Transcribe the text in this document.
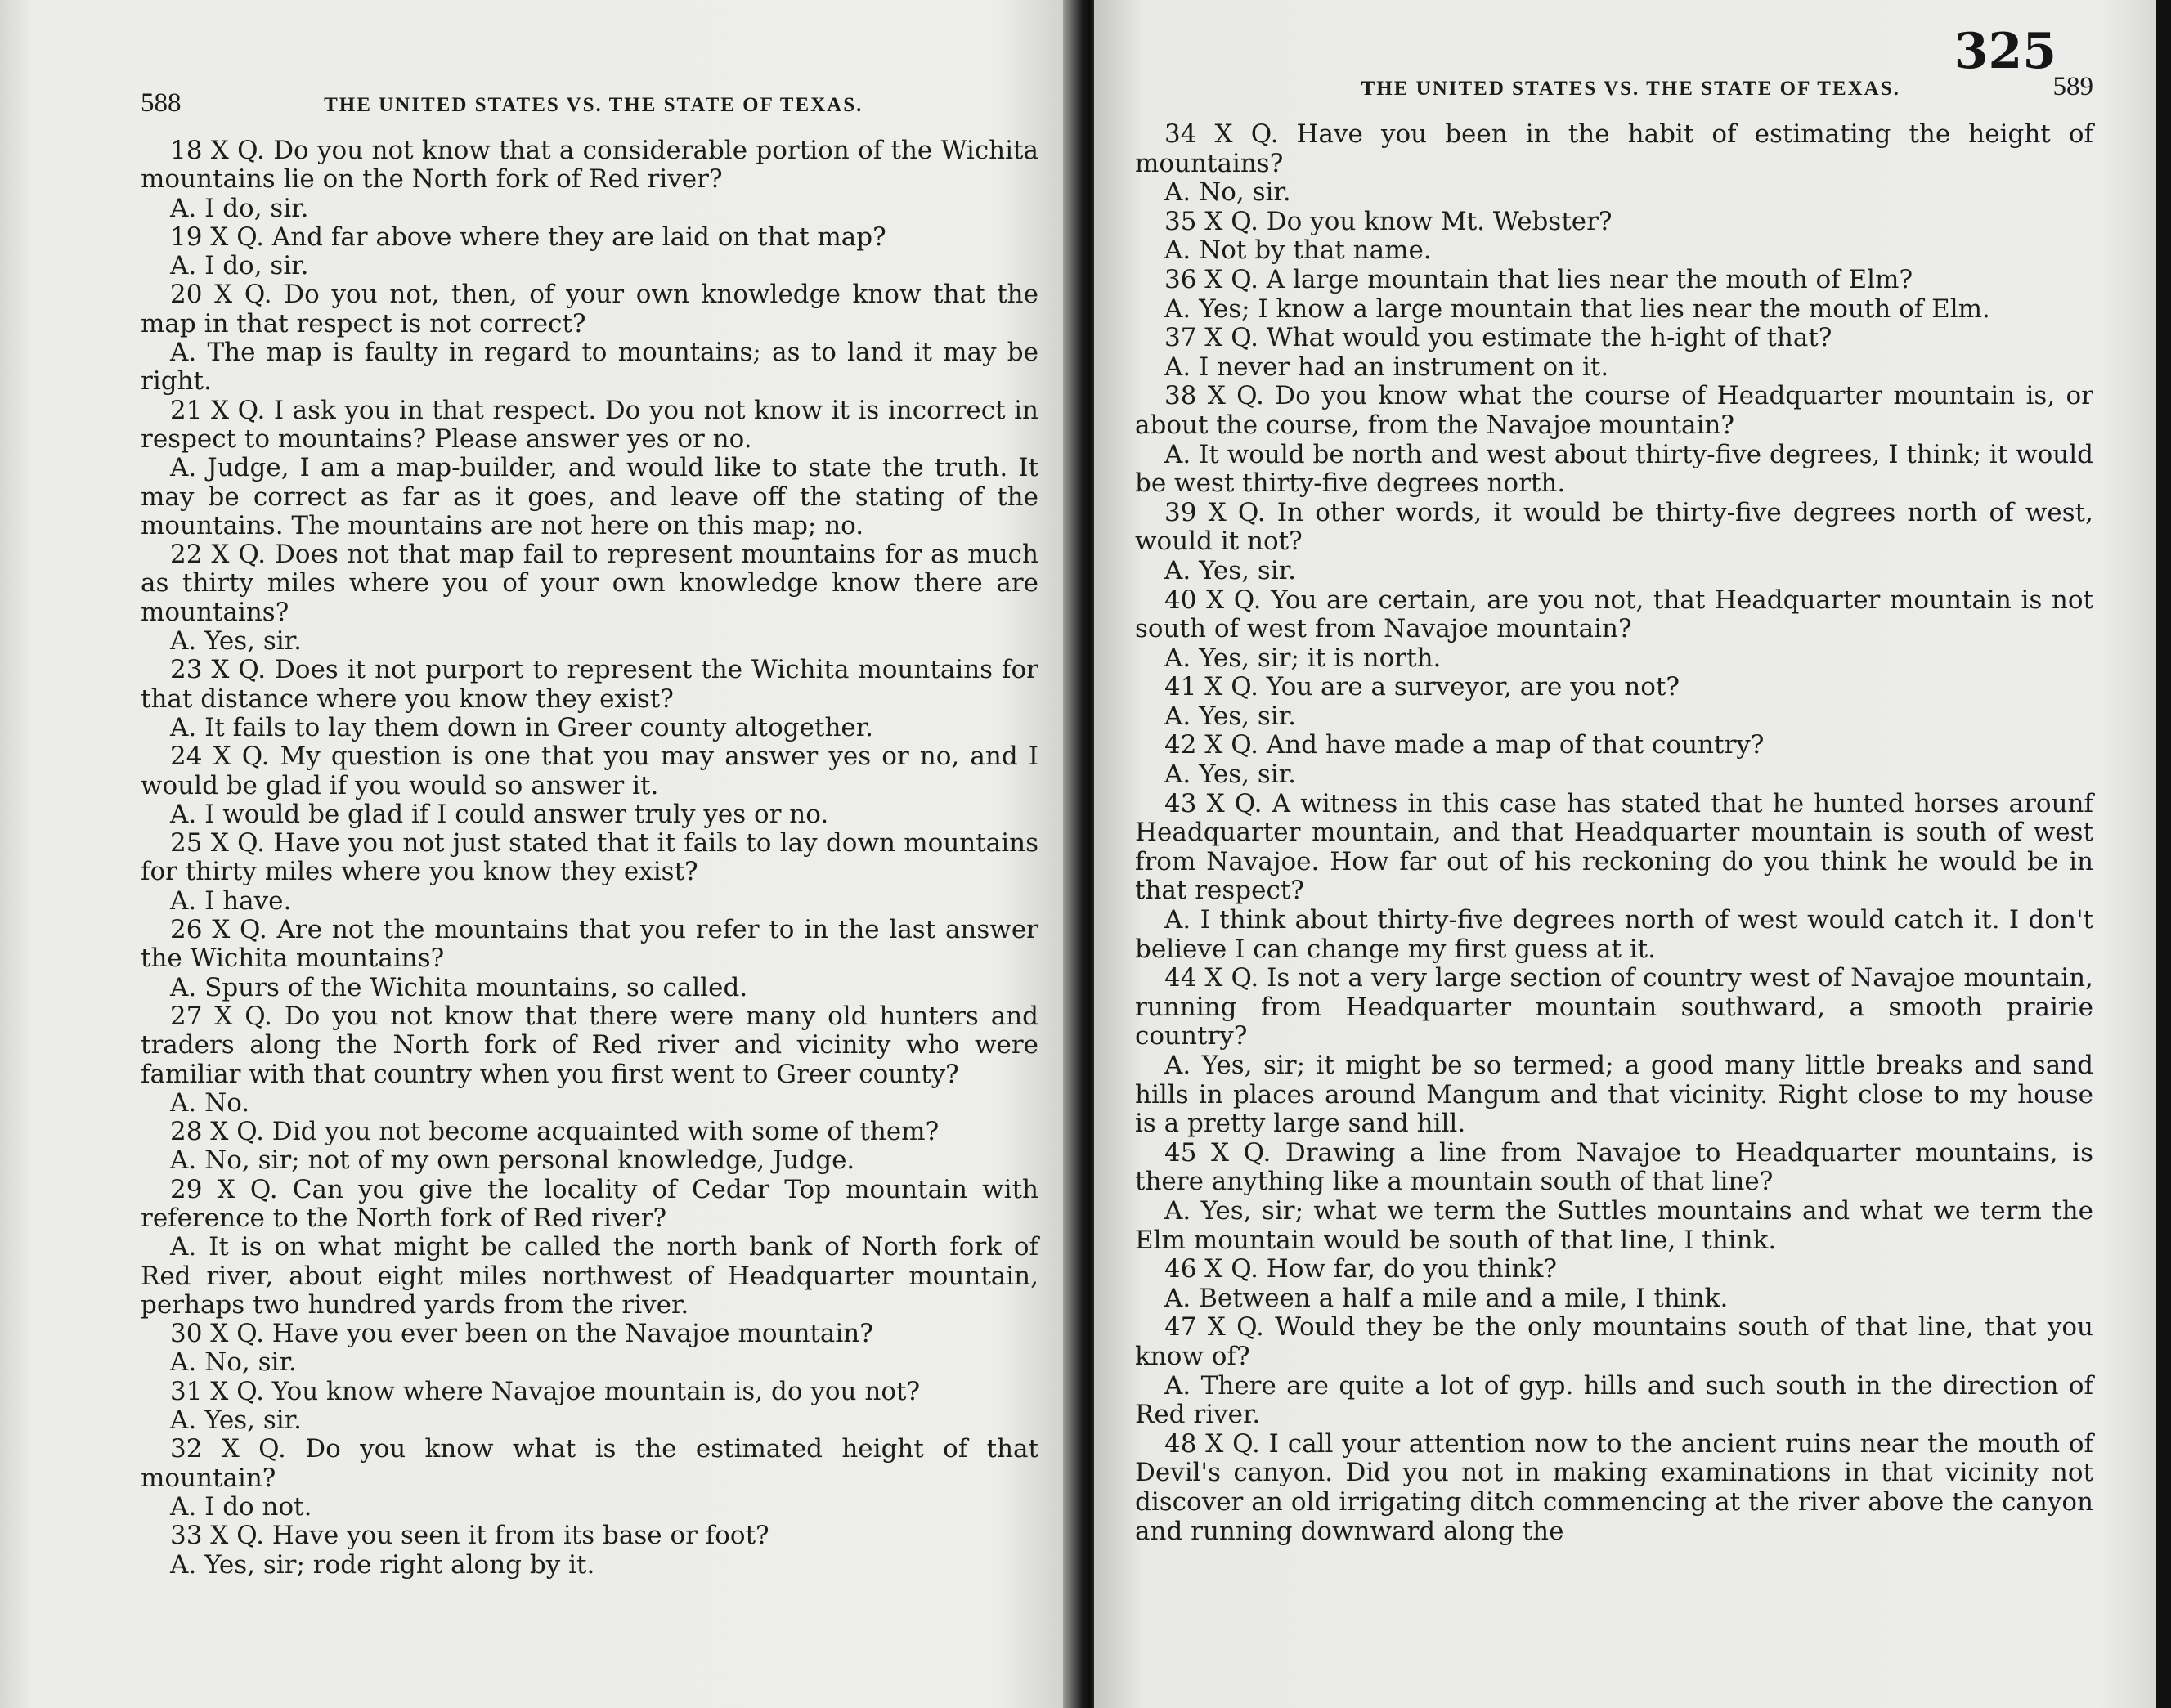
588	THE UNITED STATES VS. THE STATE OF TEXAS.

18 X Q. Do you not know that a considerable portion of the Wichita mountains lie on the North fork of Red river?

A. I do, sir.

19 X Q. And far above where they are laid on that map?

A. I do, sir.

20 X Q. Do you not, then, of your own knowledge know that the map in that respect is not correct?

A. The map is faulty in regard to mountains; as to land it may be right.

21 X Q. I ask you in that respect. Do you not know it is incorrect in respect to mountains? Please answer yes or no.

A. Judge, I am a map-builder, and would like to state the truth. It may be correct as far as it goes, and leave off the stating of the mountains. The mountains are not here on this map; no.

22 X Q. Does not that map fail to represent mountains for as much as thirty miles where you of your own knowledge know there are mountains?

A. Yes, sir.

23 X Q. Does it not purport to represent the Wichita mountains for that distance where you know they exist?

A. It fails to lay them down in Greer county altogether.

24 X Q. My question is one that you may answer yes or no, and I would be glad if you would so answer it.

A. I would be glad if I could answer truly yes or no.

25 X Q. Have you not just stated that it fails to lay down mountains for thirty miles where you know they exist?

A. I have.

26 X Q. Are not the mountains that you refer to in the last answer the Wichita mountains?

A. Spurs of the Wichita mountains, so called.

27 X Q. Do you not know that there were many old hunters and traders along the North fork of Red river and vicinity who were familiar with that country when you first went to Greer county?

A. No.

28 X Q. Did you not become acquainted with some of them?

A. No, sir; not of my own personal knowledge, Judge.

29 X Q. Can you give the locality of Cedar Top mountain with reference to the North fork of Red river?

A. It is on what might be called the north bank of North fork of Red river, about eight miles northwest of Headquarter mountain, perhaps two hundred yards from the river.

30 X Q. Have you ever been on the Navajoe mountain?

A. No, sir.

31 X Q. You know where Navajoe mountain is, do you not?

A. Yes, sir.

32 X Q. Do you know what is the estimated height of that mountain?

A. I do not.

33 X Q. Have you seen it from its base or foot?

A. Yes, sir; rode right along by it.

325
THE UNITED STATES VS. THE STATE OF TEXAS.	589

34 X Q. Have you been in the habit of estimating the height of mountains?

A. No, sir.

35 X Q. Do you know Mt. Webster?

A. Not by that name.

36 X Q. A large mountain that lies near the mouth of Elm?

A. Yes; I know a large mountain that lies near the mouth of Elm.

37 X Q. What would you estimate the h-ight of that?

A. I never had an instrument on it.

38 X Q. Do you know what the course of Headquarter mountain is, or about the course, from the Navajoe mountain?

A. It would be north and west about thirty-five degrees, I think; it would be west thirty-five degrees north.

39 X Q. In other words, it would be thirty-five degrees north of west, would it not?

A. Yes, sir.

40 X Q. You are certain, are you not, that Headquarter mountain is not south of west from Navajoe mountain?

A. Yes, sir; it is north.

41 X Q. You are a surveyor, are you not?

A. Yes, sir.

42 X Q. And have made a map of that country?

A. Yes, sir.

43 X Q. A witness in this case has stated that he hunted horses arounf Headquarter mountain, and that Headquarter mountain is south of west from Navajoe. How far out of his reckoning do you think he would be in that respect?

A. I think about thirty-five degrees north of west would catch it. I don't believe I can change my first guess at it.

44 X Q. Is not a very large section of country west of Navajoe mountain, running from Headquarter mountain southward, a smooth prairie country?

A. Yes, sir; it might be so termed; a good many little breaks and sand hills in places around Mangum and that vicinity. Right close to my house is a pretty large sand hill.

45 X Q. Drawing a line from Navajoe to Headquarter mountains, is there anything like a mountain south of that line?

A. Yes, sir; what we term the Suttles mountains and what we term the Elm mountain would be south of that line, I think.

46 X Q. How far, do you think?

A. Between a half a mile and a mile, I think.

47 X Q. Would they be the only mountains south of that line, that you know of?

A. There are quite a lot of gyp. hills and such south in the direction of Red river.

48 X Q. I call your attention now to the ancient ruins near the mouth of Devil's canyon. Did you not in making examinations in that vicinity not discover an old irrigating ditch commencing at the river above the canyon and running downward along the
